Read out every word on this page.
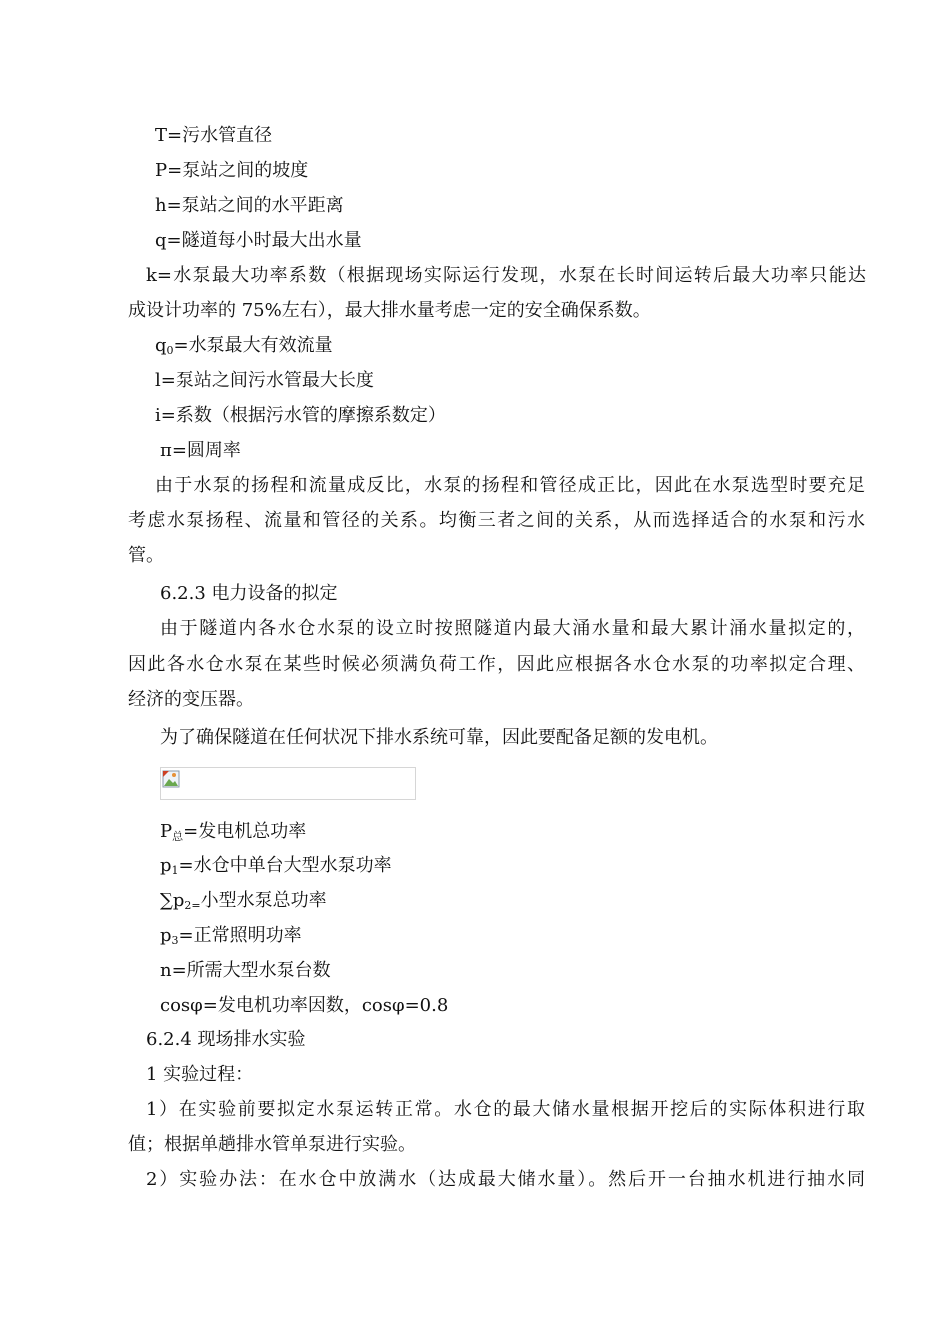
T=污水管直径
P=泵站之间的坡度
h=泵站之间的水平距离
q=隧道每小时最大出水量
k=水泵最大功率系数（根据现场实际运行发现，水泵在长时间运转后最大功率只能达
成设计功率的 75%左右），最大排水量考虑一定的安全确保系数。
$q_0=$水泵最大有效流量
l=泵站之间污水管最大长度
i=系数（根据污水管的摩擦系数定）
π=圆周率
由于水泵的扬程和流量成反比，水泵的扬程和管径成正比，因此在水泵选型时要充足
考虑水泵扬程、流量和管径的关系。均衡三者之间的关系，从而选择适合的水泵和污水
管。
6.2.3 电力设备的拟定
由于隧道内各水仓水泵的设立时按照隧道内最大涌水量和最大累计涌水量拟定的，
因此各水仓水泵在某些时候必须满负荷工作，因此应根据各水仓水泵的功率拟定合理、
经济的变压器。
为了确保隧道在任何状况下排水系统可靠，因此要配备足额的发电机。
$P_总=$发电机总功率
$p_1=$水仓中单台大型水泵功率
$\sum p_{2=}$小型水泵总功率
$p_3=$正常照明功率
n=所需大型水泵台数
cosφ=发电机功率因数，cosφ=0.8
6.2.4 现场排水实验
1 实验过程：
1）在实验前要拟定水泵运转正常。水仓的最大储水量根据开挖后的实际体积进行取
值；根据单趟排水管单泵进行实验。
2）实验办法：在水仓中放满水（达成最大储水量）。然后开一台抽水机进行抽水同
